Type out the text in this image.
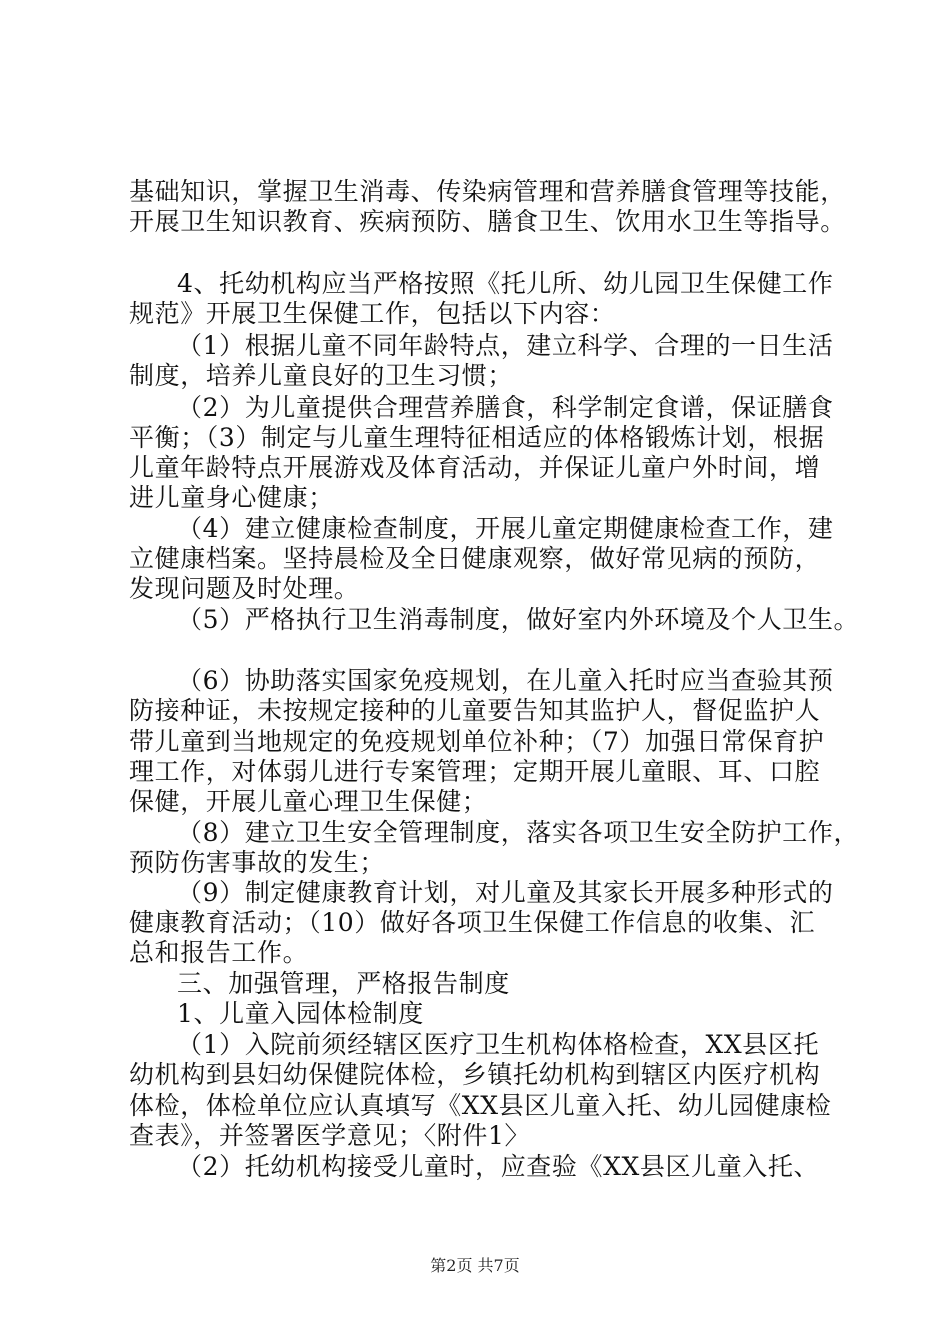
基础知识，掌握卫生消毒、传染病管理和营养膳食管理等技能，
开展卫生知识教育、疾病预防、膳食卫生、饮用水卫生等指导。
4、托幼机构应当严格按照《托儿所、幼儿园卫生保健工作
规范》开展卫生保健工作，包括以下内容：
（1）根据儿童不同年龄特点，建立科学、合理的一日生活
制度，培养儿童良好的卫生习惯；
（2）为儿童提供合理营养膳食，科学制定食谱，保证膳食
平衡；（3）制定与儿童生理特征相适应的体格锻炼计划，根据
儿童年龄特点开展游戏及体育活动，并保证儿童户外时间，增
进儿童身心健康；
（4）建立健康检查制度，开展儿童定期健康检查工作，建
立健康档案。坚持晨检及全日健康观察，做好常见病的预防，
发现问题及时处理。
（5）严格执行卫生消毒制度，做好室内外环境及个人卫生。
（6）协助落实国家免疫规划，在儿童入托时应当查验其预
防接种证，未按规定接种的儿童要告知其监护人，督促监护人
带儿童到当地规定的免疫规划单位补种；（7）加强日常保育护
理工作，对体弱儿进行专案管理；定期开展儿童眼、耳、口腔
保健，开展儿童心理卫生保健；
（8）建立卫生安全管理制度，落实各项卫生安全防护工作，
预防伤害事故的发生；
（9）制定健康教育计划，对儿童及其家长开展多种形式的
健康教育活动；（10）做好各项卫生保健工作信息的收集、汇
总和报告工作。
三、加强管理，严格报告制度
1、儿童入园体检制度
（1）入院前须经辖区医疗卫生机构体格检查，XX县区托
幼机构到县妇幼保健院体检，乡镇托幼机构到辖区内医疗机构
体检，体检单位应认真填写《XX县区儿童入托、幼儿园健康检
查表》，并签署医学意见；〈附件1〉
（2）托幼机构接受儿童时，应查验《XX县区儿童入托、
第2页 共7页
